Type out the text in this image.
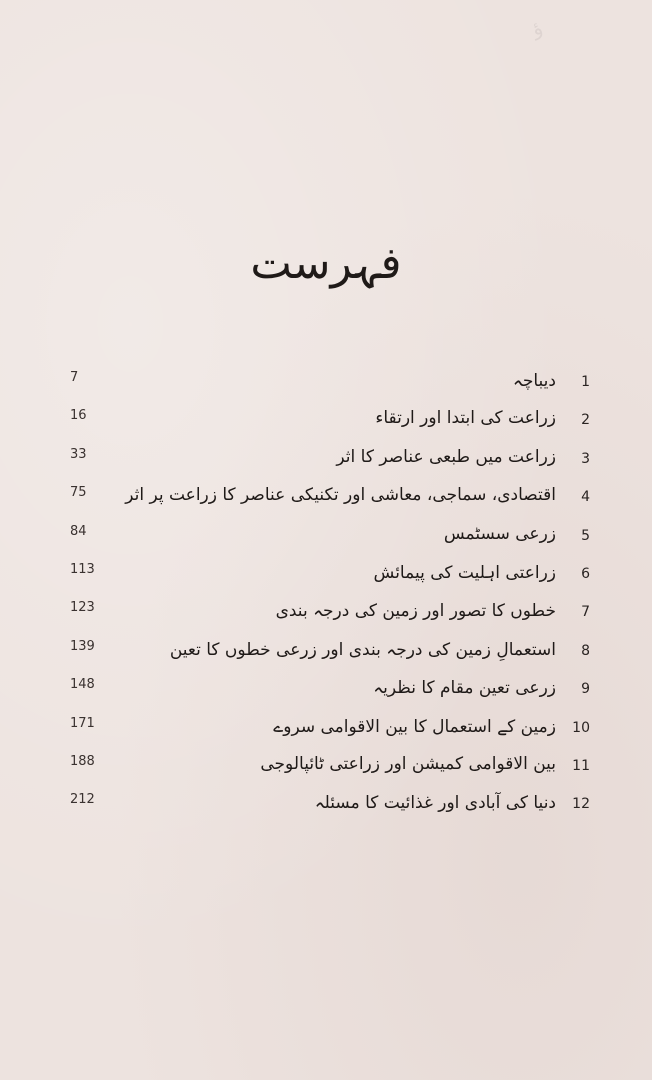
ؤ
فہرست
1
دیباچہ
7
2
زراعت کی ابتدا اور ارتقاء
16
3
زراعت میں طبعی عناصر کا اثر
33
4
اقتصادی، سماجی، معاشی اور تکنیکی عناصر کا زراعت پر اثر
75
5
زرعی سسٹمس
84
6
زراعتی اہلیت کی پیمائش
113
7
خطوں کا تصور اور زمین کی درجہ بندی
123
8
استعمالِ زمین کی درجہ بندی اور زرعی خطوں کا تعین
139
9
زرعی تعین مقام کا نظریہ
148
10
زمین کے استعمال کا بین الاقوامی سروے
171
11
بین الاقوامی کمیشن اور زراعتی ٹائپالوجی
188
12
دنیا کی آبادی اور غذائیت کا مسئلہ
212
